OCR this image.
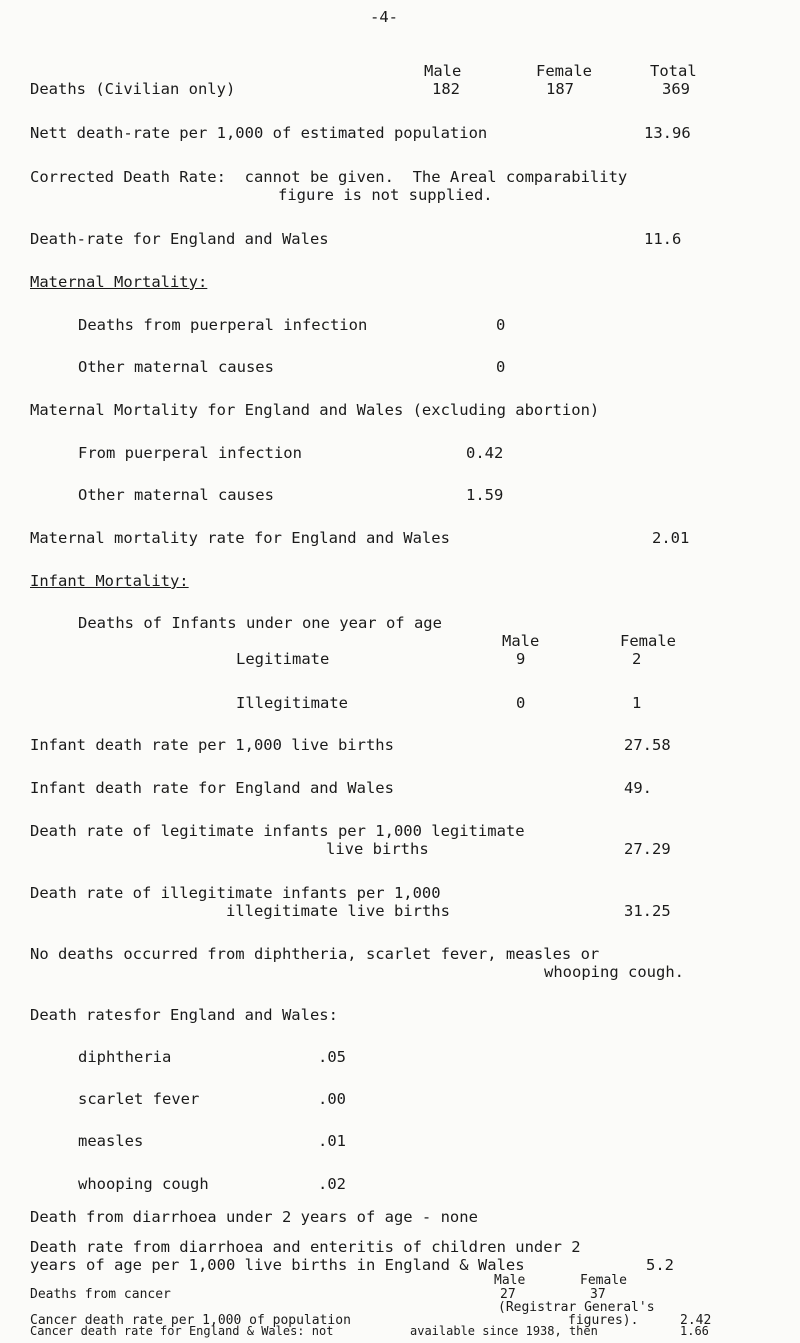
-4-
Male	Female	Total
Deaths (Civilian only)	182	187	369
Nett death-rate per 1,000 of estimated population	13.96
Corrected Death Rate:  cannot be given.  The Areal comparability
figure is not supplied.
Death-rate for England and Wales	11.6
Maternal Mortality:
Deaths from puerperal infection	0
Other maternal causes	0
Maternal Mortality for England and Wales (excluding abortion)
From puerperal infection	0.42
Other maternal causes	1.59
Maternal mortality rate for England and Wales	2.01
Infant Mortality:
Deaths of Infants under one year of age
Male	Female
Legitimate	9	2
Illegitimate	0	1
Infant death rate per 1,000 live births	27.58
Infant death rate for England and Wales	49.
Death rate of legitimate infants per 1,000 legitimate
live births	27.29
Death rate of illegitimate infants per 1,000
illegitimate live births	31.25
No deaths occurred from diphtheria, scarlet fever, measles or
whooping cough.
Death ratesfor England and Wales:
diphtheria	.05
scarlet fever	.00
measles	.01
whooping cough	.02
Death from diarrhoea under 2 years of age - none
Death rate from diarrhoea and enteritis of children under 2
years of age per 1,000 live births in England & Wales	5.2
Male	Female
Deaths from cancer	27	37
(Registrar General's
figures).
Cancer death rate per 1,000 of population	2.42
Cancer death rate for England & Wales: not	available since 1938, then	1.66
